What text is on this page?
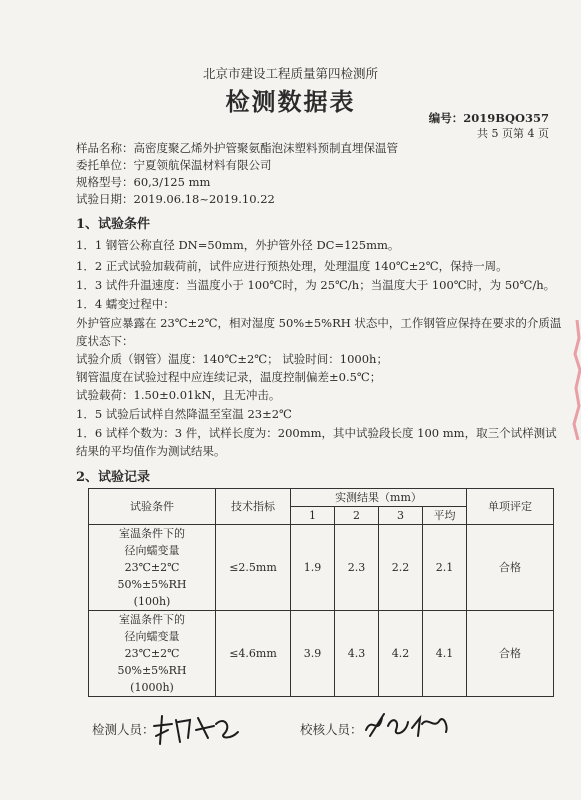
北京市建设工程质量第四检测所
检测数据表
编号：2019BQO357
共 5 页第 4 页
样品名称：高密度聚乙烯外护管聚氨酯泡沫塑料预制直埋保温管
委托单位：宁夏领航保温材料有限公司
规格型号：60,3/125 mm
试验日期：2019.06.18~2019.10.22
1、试验条件
1．1 钢管公称直径 DN=50mm，外护管外径 DC=125mm。
1．2 正式试验加载荷前，试件应进行预热处理，处理温度 140℃±2℃，保持一周。
1．3 试件升温速度：当温度小于 100℃时，为 25℃/h；当温度大于 100℃时，为 50℃/h。
1．4 蠕变过程中：
外护管应暴露在 23℃±2℃，相对湿度 50%±5%RH 状态中，工作钢管应保持在要求的介质温
度状态下：
试验介质（钢管）温度：140℃±2℃； 试验时间：1000h；
钢管温度在试验过程中应连续记录，温度控制偏差±0.5℃；
试验载荷：1.50±0.01kN，且无冲击。
1．5 试验后试样自然降温至室温 23±2℃
1．6 试样个数为：3 件，试样长度为：200mm，其中试验段长度 100 mm，取三个试样测试
结果的平均值作为测试结果。
2、试验记录
试验条件	技术指标	实测结果（mm）				单项评定
		1	2	3	平均	

室温条件下的
径向蠕变量
23℃±2℃
50%±5%RH
(100h)	≤2.5mm	1.9	2.3	2.2	2.1	合格

室温条件下的
径向蠕变量
23℃±2℃
50%±5%RH
(1000h)	≤4.6mm	3.9	4.3	4.2	4.1	合格
检测人员：	校核人员：
